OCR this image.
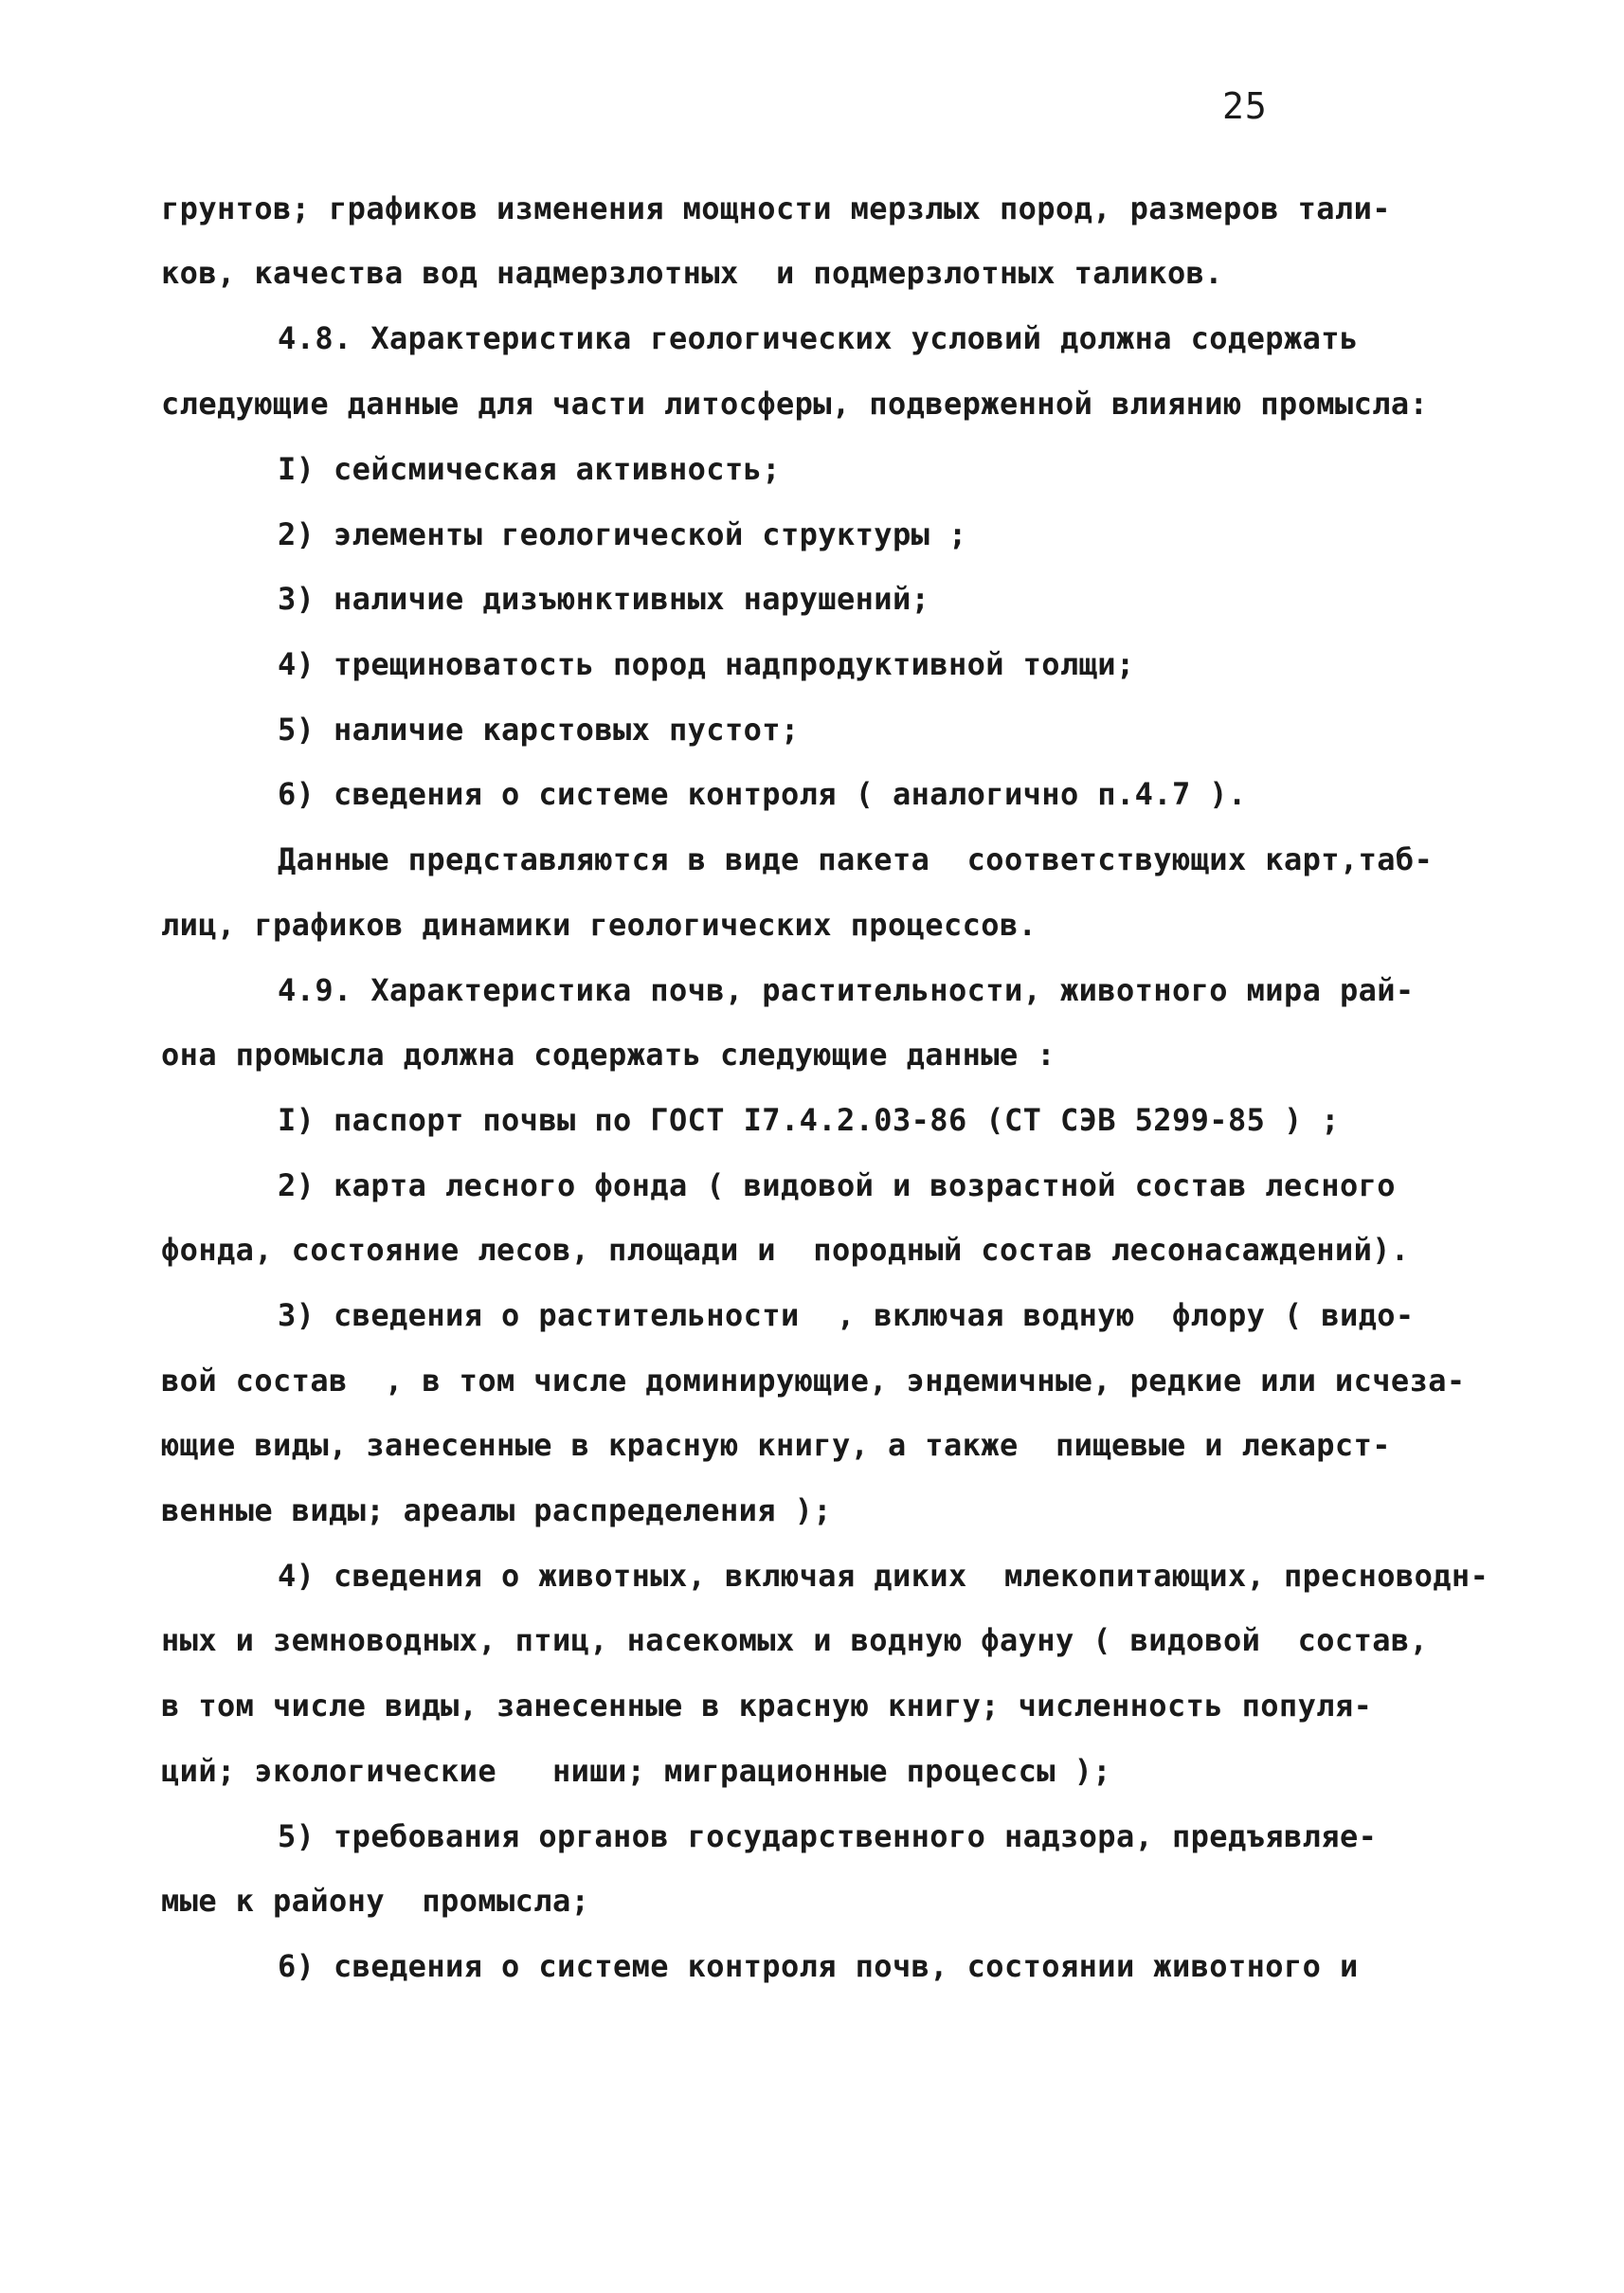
25
грунтов; графиков изменения мощности мерзлых пород, размеров тали-
ков, качества вод надмерзлотных  и подмерзлотных таликов.
4.8. Характеристика геологических условий должна содержать
следующие данные для части литосферы, подверженной влиянию промысла:
I) сейсмическая активность;
2) элементы геологической структуры ;
3) наличие дизъюнктивных нарушений;
4) трещиноватость пород надпродуктивной толщи;
5) наличие карстовых пустот;
6) сведения о системе контроля ( аналогично п.4.7 ).
Данные представляются в виде пакета  соответствующих карт,таб-
лиц, графиков динамики геологических процессов.
4.9. Характеристика почв, растительности, животного мира рай-
она промысла должна содержать следующие данные :
I) паспорт почвы по ГОСТ I7.4.2.03-86 (СТ СЭВ 5299-85 ) ;
2) карта лесного фонда ( видовой и возрастной состав лесного
фонда, состояние лесов, площади и  породный состав лесонасаждений).
3) сведения о растительности  , включая водную  флору ( видо-
вой состав  , в том числе доминирующие, эндемичные, редкие или исчеза-
ющие виды, занесенные в красную книгу, а также  пищевые и лекарст-
венные виды; ареалы распределения );
4) сведения о животных, включая диких  млекопитающих, пресноводн-
ных и земноводных, птиц, насекомых и водную фауну ( видовой  состав,
в том числе виды, занесенные в красную книгу; численность популя-
ций; экологические   ниши; миграционные процессы );
5) требования органов государственного надзора, предъявляе-
мые к району  промысла;
6) сведения о системе контроля почв, состоянии животного и
